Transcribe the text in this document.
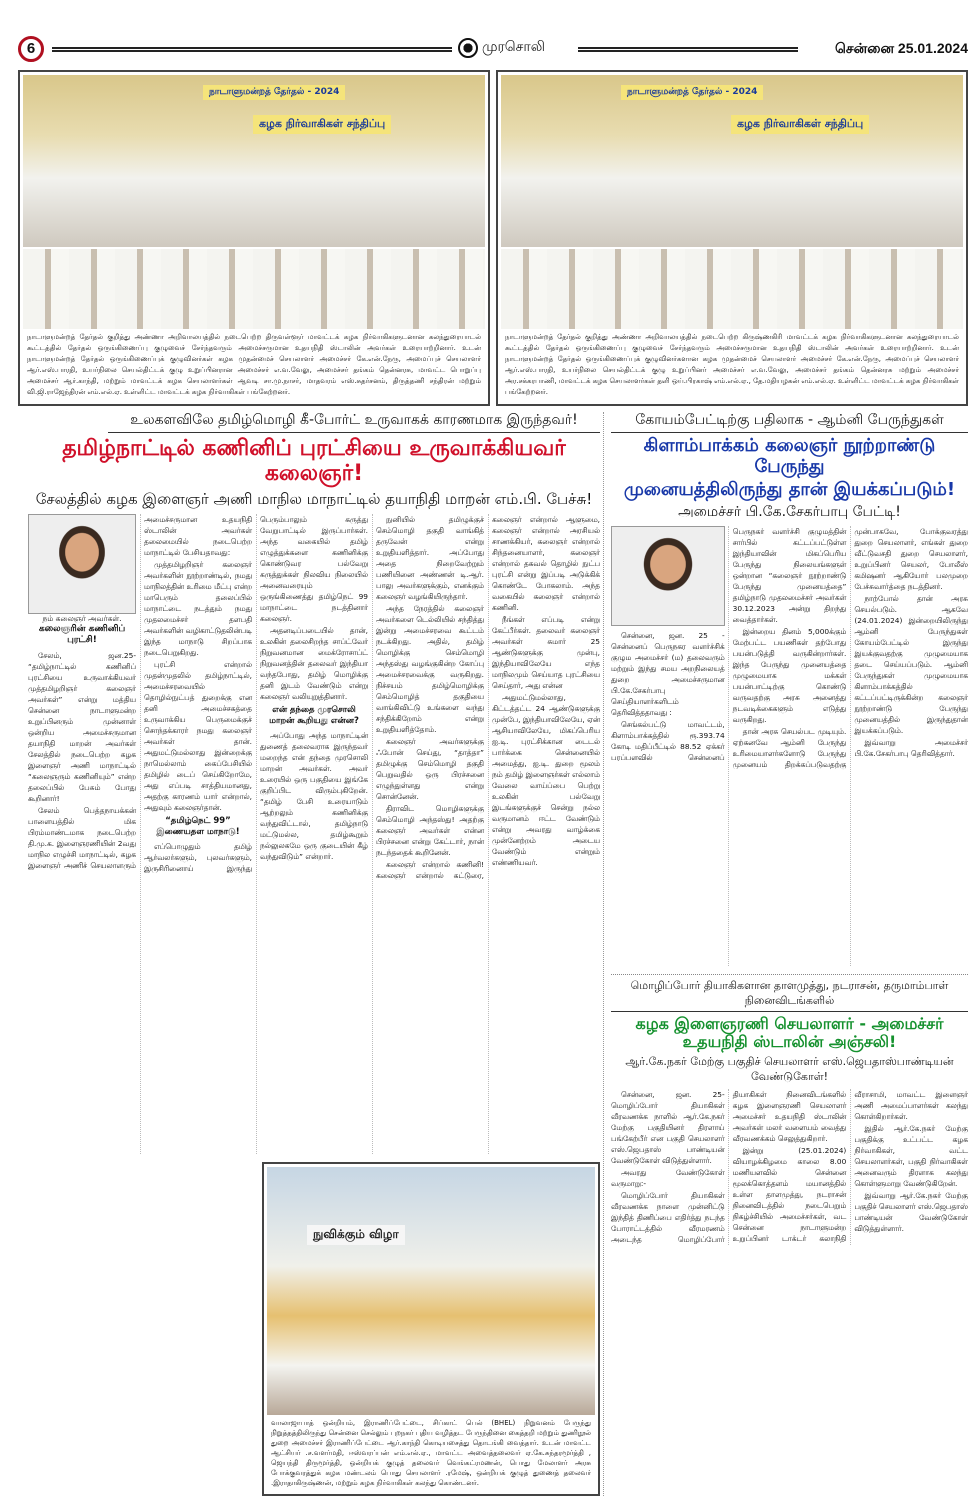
6	முரசொலி	சென்னை 25.01.2024
நாடாளுமன்றத் தேர்தல் - 2024
கழக நிர்வாகிகள் சந்திப்பு
நாடாளுமன்றத் தேர்தல் குறித்து அண்ணா அறிவாலயத்தில் நடைபெற்ற திருவள்ளூர் மாவட்டக் கழக நிர்வாகிகளுடனான கலந்துரையாடல் கூட்டத்தில் தேர்தல் ஒருங்கிணைப்பு குழுவைச் சேர்ந்தவரும் அமைச்சருமான உதயநிதி ஸ்டாலின் அவர்கள் உரையாற்றினார். உடன் நாடாளுமன்றத் தேர்தல் ஒருங்கிணைப்புக் குழுவினர்கள் கழக முதன்மைச் செயலாளர் அமைச்சர் கே.என்.நேரு, அமைப்புச் செயலாளர் ஆர்.எஸ்.பாரதி, உயர்நிலை செயல்திட்டக் குழு உறுப்பினரான அமைச்சர் எ.வ.வேலு, அமைச்சர் தங்கம் தென்னரசு, மாவட்ட பொறுப்பு அமைச்சர் ஆர்.காந்தி, மற்றும் மாவட்டக் கழக செயலாளர்கள் ஆவடி சா.மு.நாசர், மாதவரம் எஸ்.சுதர்சனம், திருத்தணி சந்திரன் மற்றும் வி.ஜி.ராஜேந்திரன் எம்.எல்.ஏ. உள்ளிட்ட மாவட்டக் கழக நிர்வாகிகள் பங்கேற்றனர்.
நாடாளுமன்றத் தேர்தல் - 2024
கழக நிர்வாகிகள் சந்திப்பு
நாடாளுமன்றத் தேர்தல் குறித்து அண்ணா அறிவாலயத்தில் நடைபெற்ற கிருஷ்ணகிரி மாவட்டக் கழக நிர்வாகிகளுடனான கலந்துரையாடல் கூட்டத்தில் தேர்தல் ஒருங்கிணைப்பு குழுவைச் சேர்ந்தவரும் அமைச்சருமான உதயநிதி ஸ்டாலின் அவர்கள் உரையாற்றினார். உடன் நாடாளுமன்றத் தேர்தல் ஒருங்கிணைப்புக் குழுவினர்களான கழக முதன்மைச் செயலாளர் அமைச்சர் கே.என்.நேரு, அமைப்புச் செயலாளர் ஆர்.எஸ்.பாரதி, உயர்நிலை செயல்திட்டக் குழு உறுப்பினர் அமைச்சர் எ.வ.வேலு, அமைச்சர் தங்கம் தென்னரசு மற்றும் அமைச்சர் அர.சக்கரபாணி, மாவட்டக் கழக செயலாளர்கள் தளி ஒய்.பிரகாஷ் எம்.எல்.ஏ., தே.மதியழகன் எம்.எல்.ஏ. உள்ளிட்ட மாவட்டக் கழக நிர்வாகிகள் பங்கேற்றனர்.
உலகளவிலே தமிழ்மொழி கீ-போர்ட் உருவாகக் காரணமாக இருந்தவர்!
தமிழ்நாட்டில் கணினிப் புரட்சியை உருவாக்கியவர் கலைஞர்!
சேலத்தில் கழக இளைஞர் அணி மாநில மாநாட்டில் தயாநிதி மாறன் எம்.பி. பேச்சு!
நம் கலைஞர் அவர்கள்.
கலைஞரின் கணினிப் புரட்சி!

சேலம், ஜன.25- “தமிழ்நாட்டில் கணினிப் புரட்சியை உருவாக்கியவர் முத்தமிழறிஞர் கலைஞர் அவர்கள்” என்று மத்திய சென்னை நாடாளுமன்ற உறுப்பினரும் முன்னாள் ஒன்றிய அமைச்சருமான தயாநிதி மாறன் அவர்கள் சேலத்தில் நடைபெற்ற கழக இளைஞர் அணி மாநாட்டில் “கலைஞரும் கணினியும்” என்ற தலைப்பில் பேசும் போது கூறினார்!

சேலம் பெத்தநாயக்கன் பாளையத்தில் மிக பிரம்மாண்டமாக நடைபெற்ற தி.மு.க. இளைஞரணியின் 2வது மாநில எழுச்சி மாநாட்டில், கழக இளைஞர் அணிச் செயலாளரும் அமைச்சருமான உதயநிதி ஸ்டாலின் அவர்கள் தலைமையில் நடைபெற்ற மாநாட்டில் பேசியதாவது:

முத்தமிழறிஞர் கலைஞர் அவர்களின் நூற்றாண்டில், நமது மாநிலத்தின் உரிமை மீட்பு என்ற மாபெரும் தலைப்பில் மாநாட்டை நடத்தும் நமது முதலமைச்சர் தளபதி அவர்களின் வழிகாட்டுதலின்படி இந்த மாநாடு சிறப்பாக நடைபெறுகிறது.

புரட்சி என்றால் முதன்முதலில் தமிழ்நாட்டில், அமைச்சரவையில் தொழில்நுட்பத் துறைக்கு என தனி அமைச்சகத்தை உருவாக்கிய பெருமைக்குச் சொந்தக்காரர் நமது கலைஞர் அவர்கள் தான். அதுமட்டுமல்லாது இன்றைக்கு நாமெல்லாம் கைப்பேசியில் தமிழில் டைப் செய்கிறோமே, அது எப்படி சாத்தியமானது, அதற்கு காரணம் யார் என்றால், அதுவும் கலைஞர்தான்.

“தமிழ்நெட் 99” இணையதள மாநாடு!

எப்பொழுதும் தமிழ் ஆர்வலர்களும், புலவர்களும், இருசிரினைாய் இருந்து பெரும்பாலும் கருத்து வேறுபாட்டில் இருப்பார்கள். அந்த வகையில் தமிழ் எழுத்துக்களை கணினிக்கு கொண்டுவர பல்வேறு கருத்துக்கள் நிலவிய நிலையில் அனைவரையும் ஒருங்கிணைத்து தமிழ்நெட் 99 மாநாட்டை நடத்தினார் கலைஞர்.

அதனடிப்படையில் தான், உலகின் தலைசிறந்த சாப்ட்வேர் நிறுவனமான மைக்ரோசாப்ட் நிறுவனத்தின் தலைவர் இந்தியா வந்தபோது, தமிழ் மொழிக்கு தனி இடம் வேண்டும் என்று கலைஞர் வலியுறுத்தினார்.

என் தந்தை முரசொலி மாறன் கூறியது என்ன?

அப்போது அந்த மாநாட்டின் துணைத் தலைவராக இருந்தவர் மறைந்த என் தந்தை முரசொலி மாறன் அவர்கள். அவர் உரையில் ஒரு பகுதியை இங்கே குறிப்பிட விரும்புகிறேன். “தமிழ் பேசி உரையாடும் ஆற்றலும் கணினிக்கு வந்துவிட்டால், தமிழ்நாடு மட்டுமல்ல, தமிழ்கூறும் நல்லுலகமே ஒரு குடையின் கீழ் வந்துவிடும்” என்றார்.

நுனியில் தமிழுக்குச் செம்மொழி தகுதி வாங்கித் தருவேன் என்று உறுதியளித்தார். அப்போது அதை நிறைவேற்றும் பணியினை அண்ணன் டி.ஆர். பாலு அவர்களுக்கும், எனக்கும் கலைஞர் வழங்கியிருந்தார்.

அந்த நேரத்தில் கலைஞர் அவர்களை டெல்லியில் சந்தித்து இன்று அமைச்சரவை கூட்டம் நடக்கிறது. அதில், தமிழ் மொழிக்கு செம்மொழி அந்தஸ்து வழங்குகின்ற கோப்பு அமைச்சரவைக்கு வருகிறது. நிச்சயம் தமிழ்மொழிக்கு செம்மொழித் தகுதியை வாங்கிவிட்டு உங்களை வந்து சந்திக்கிறோம் என்று உறுதியளித்தோம்.

கலைஞர் அவர்களுக்கு ஃபோன் செய்து, “தாத்தா” தமிழுக்கு செம்மொழி தகுதி பெறுவதில் ஒரு பிரச்சனை எழுந்துள்ளது என்று சொன்னேன்.

திராவிட மொழிகளுக்கு செம்மொழி அந்தஸ்து! அதற்கு கலைஞர் அவர்கள் என்ன பிரச்சனை என்று கேட்டார், நான் நடந்ததைக் கூறினேன்.

கலைஞர் என்றால் கணினி! கலைஞர் என்றால் கட்டுரை, கலைஞர் என்றால் ஆளுமை, கலைஞர் என்றால் அரசியல் சாணக்கியர், கலைஞர் என்றால் சிந்தனையாளர், கலைஞர் என்றால் தகவல் தொழில் நுட்ப புரட்சி என்று இப்படி அடுக்கிக் கொண்டே போகலாம். அந்த வகையில் கலைஞர் என்றால் கணினி.

நீங்கள் எப்படி என்று கேட்பீர்கள். தலைவர் கலைஞர் அவர்கள் சுமார் 25 ஆண்டுகளுக்கு முன்பு, இந்தியாவிலேயே எந்த மாநிலமும் செய்யாத புரட்சியை செய்தார், அது என்ன

அதுமட்டுமல்லாது, கிட்டத்தட்ட 24 ஆண்டுகளுக்கு முன்பே, இந்தியாவிலேயே, ஏன் ஆசியாவிலேயே, மிகப்பெரிய ஐ.டி. புரட்சிக்கான டைடல் பார்க்கை சென்னையில் அமைத்து, ஐ.டி. துறை மூலம் நம் தமிழ் இளைஞர்கள் எல்லாம் வேலை வாய்ப்பை பெற்று உலகின் பல்வேறு இடங்களுக்குச் சென்று நல்ல வருமானம் ஈட்ட வேண்டும் என்று அவரது வாழ்க்கை முன்னேற்றம் அடைய வேண்டும் என்றும் எண்ணியவர்.

நுவிக்கும் விழா
வாலாஜாபாத் ஒன்றியம், இராணிப்பேட்டை, சிப்காட் பெல் (BHEL) நிறுவனம் பேருந்து நிறுத்தத்திலிருந்து சென்னை செல்லும் புறநகர் புதிய வழித்தட பேருந்தினை கைத்தறி மற்றும் துணிநூல் துறை அமைச்சர் இராணிப்பேட்டை ஆர்.காந்தி கொடியசைத்து தொடங்கி வைத்தார். உடன் மாவட்ட ஆட்சியர் .ச.வளர்மதி, ஈஸ்வரப்பன் எம்.எல்.ஏ., மாவட்ட அவைத்தலைவர் ஏ.கே.சுந்தரமூர்த்தி , ஜெயந்தி திருமூர்த்தி, ஒன்றியக் குழுத் தலைவர் வெங்கட்ரமணன், பொது மேலாளர் அரசு போக்குவரத்துக் கழக மண்டலம் பொது செயலாளர் .ரமேஷ், ஒன்றியக் குழுத் துணைத் தலைவர் .இராதாகிருஷ்ணன், மற்றும் கழக நிர்வாகிகள் கலந்து கொண்டனர்.
கோயம்பேட்டிற்கு பதிலாக - ஆம்னி பேருந்துகள்
கிளாம்பாக்கம் கலைஞர் நூற்றாண்டு பேருந்து
முனையத்திலிருந்து தான் இயக்கப்படும்!
அமைச்சர் பி.கே.சேகர்பாபு பேட்டி!

சென்னை, ஜன. 25 - சென்னைப் பெருநகர வளர்ச்சிக் குழும அமைச்சர் (ம) தலைவரும் மற்றும் இந்து சமய அறநிலையத் துறை அமைச்சருமான பி.கே.சேகர்பாபு செய்தியாளர்களிடம் தெரிவித்ததாவது :

செங்கல்பட்டு மாவட்டம், கிளாம்பாக்கத்தில் ரூ.393.74 கோடி மதிப்பீட்டில் 88.52 ஏக்கர் பரப்பளவில் சென்னைப் பெருநகர் வளர்ச்சி குழுமத்தின் சார்பில் கட்டப்பட்டுள்ள இந்தியாவின் மிகப்பெரிய பேருந்து நிலையங்களுள் ஒன்றான “கலைஞர் நூற்றாண்டு பேருந்து முனையத்தை” தமிழ்நாடு முதலமைச்சர் அவர்கள் 30.12.2023 அன்று திறந்து வைத்தார்கள்.

இன்றைய தினம் 5,000க்கும் மேற்பட்ட பயணிகள் தற்போது பயன்படுத்தி வருகின்றார்கள். இந்த பேருந்து முனையத்தை முழுமையாக மக்கள் பயன்பாட்டிற்கு கொண்டு வருவதற்கு அரசு அனைத்து நடவடிக்கைகளும் எடுத்து வருகிறது.

தான் அரசு செயல்பட முடியும். ஏற்கனவே ஆம்னி பேருந்து உரிமையாளர்களோடு பேருந்து முனையம் திறக்கப்படுவதற்கு முன்பாகவே, போக்குவரத்து துறை செயலாளர், எங்கள் துறை வீட்டுவசதி துறை செயலாளர், உறுப்பினர் செயலர், போலீஸ் கமிஷனர் ஆகியோர் பலமுறை பேச்சுவார்த்தை நடத்தினர்.

நாற்போல் தான் அரசு செயல்படும். ஆகவே (24.01.2024) இன்றையிலிருந்து ஆம்னி பேருந்துகள் கோயம்பேட்டில் இருந்து இயக்குவதற்கு முழுமையாக தடை செய்யப்படும். ஆம்னி பேருந்துகள் முழுமையாக கிளாம்பாக்கத்தில் கட்டப்பட்டிருக்கின்ற கலைஞர் நூற்றாண்டு பேருந்து முனையத்தில் இருந்துதான் இயக்கப்படும்.

இவ்வாறு அமைச்சர் பி.கே.சேகர்பாபு தெரிவித்தார்.

மொழிப்போர் தியாகிகளான தாளமுத்து, நடராசன், தருமாம்பாள் நினைவிடங்களில்
கழக இளைஞரணி செயலாளர் - அமைச்சர் உதயநிதி ஸ்டாலின் அஞ்சலி!
ஆர்.கே.நகர் மேற்கு பகுதிச் செயலாளர் எஸ்.ஜெபதாஸ்பாண்டியன் வேண்டுகோள்!

சென்னை, ஜன. 25- மொழிப்போர் தியாகிகள் வீரவணக்க நாளில் ஆர்.கே.நகர் மேற்கு பகுதியினர் திரளாய் பங்கேற்பீர் என பகுதி செயலாளர் எஸ்.ஜெபதாஸ் பாண்டியன் வேண்டுகோள் விடுத்துள்ளார்.

அவரது வேண்டுகோள் வருமாறு:-

மொழிப்போர் தியாகிகள் வீரவணக்க நாளை முன்னிட்டு இந்தித் திணிப்பை எதிர்த்து நடந்த போராட்டத்தில் வீரமரணம் அடைந்த மொழிப்போர் தியாகிகள் நினைவிடங்களில் கழக இளைஞரணி செயலாளர் அமைச்சர் உதயநிதி ஸ்டாலின் அவர்கள் மலர் வளையம் வைத்து வீரவணக்கம் செலுத்துகிறார்.

இன்று (25.01.2024) வியாழக்கிழமை காலை 8.00 மணியளவில் சென்னை மூலக்கொத்தளம் மயானத்தில் உள்ள தாளமுத்து, நடராசன் நினைவிடத்தில் நடைபெறும் நிகழ்ச்சியில் அமைச்சர்கள், வட சென்னை நாடாளுமன்ற உறுப்பினர் டாக்டர் கலாநிதி வீராசாமி, மாவட்ட இளைஞர் அணி அமைப்பாளர்கள் கலந்து கொள்கிறார்கள்.

இதில் ஆர்.கே.நகர் மேற்கு பகுதிக்கு உட்பட்ட கழக நிர்வாகிகள், வட்ட செயலாளர்கள், பகுதி நிர்வாகிகள் அனைவரும் திரளாக கலந்து கொள்ளுமாறு வேண்டுகிறேன்.

இவ்வாறு ஆர்.கே.நகர் மேற்கு பகுதிச் செயலாளர் எஸ்.ஜெபதாஸ் பாண்டியன் வேண்டுகோள் விடுத்துள்ளார்.
